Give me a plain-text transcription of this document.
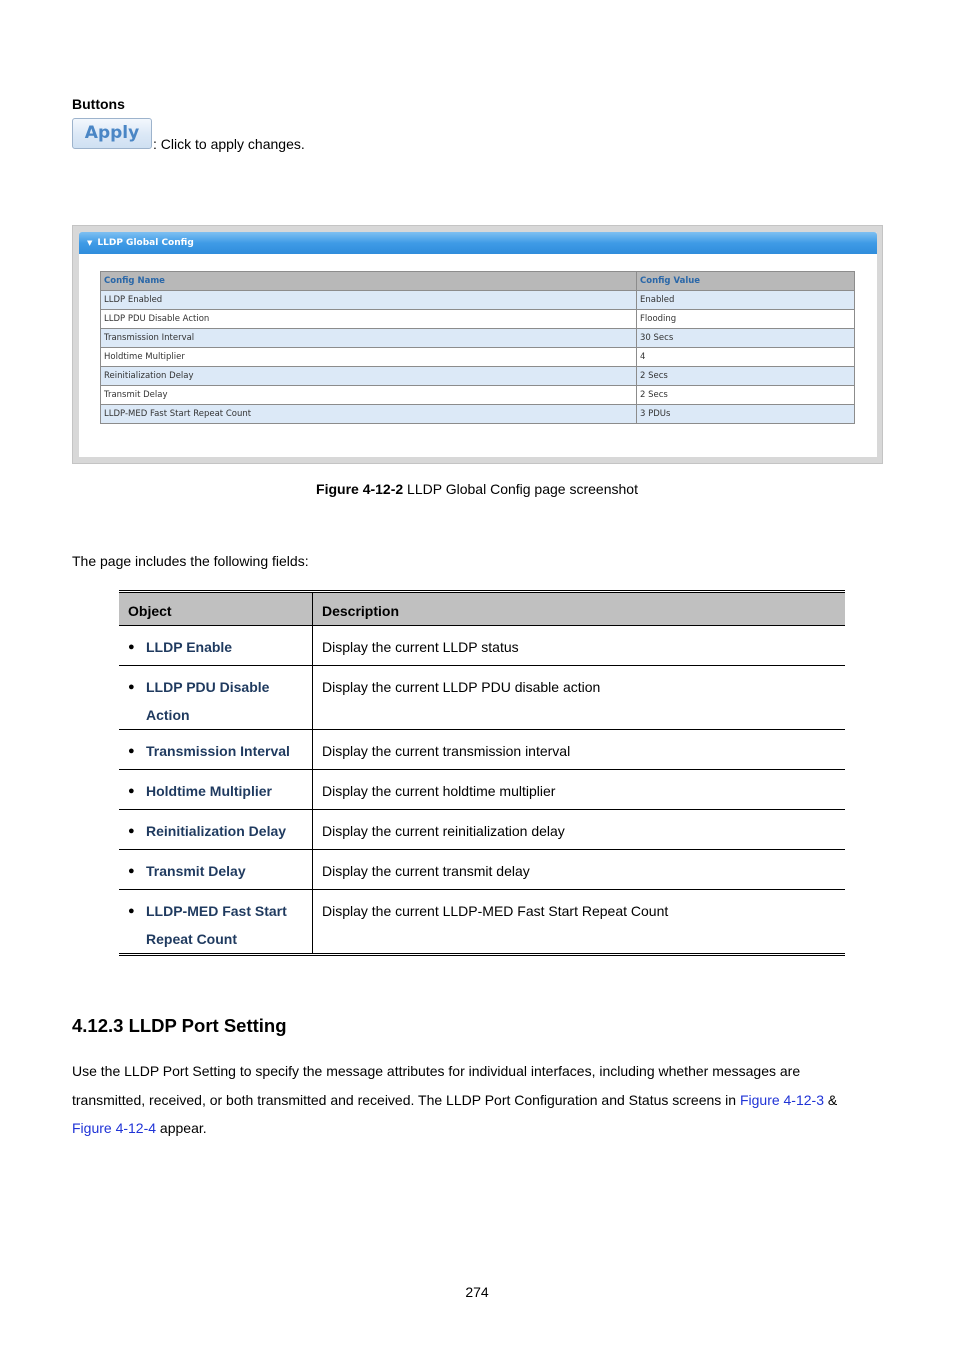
Buttons
Apply
: Click to apply changes.
▼ LLDP Global Config
Config Name	Config Value
LLDP Enabled	Enabled
LLDP PDU Disable Action	Flooding
Transmission Interval	30 Secs
Holdtime Multiplier	4
Reinitialization Delay	2 Secs
Transmit Delay	2 Secs
LLDP-MED Fast Start Repeat Count	3 PDUs
Figure 4-12-2 LLDP Global Config page screenshot
The page includes the following fields:
Object	Description
● LLDP Enable	Display the current LLDP status
● LLDP PDU Disable Action	Display the current LLDP PDU disable action
● Transmission Interval	Display the current transmission interval
● Holdtime Multiplier	Display the current holdtime multiplier
● Reinitialization Delay	Display the current reinitialization delay
● Transmit Delay	Display the current transmit delay
● LLDP-MED Fast Start Repeat Count	Display the current LLDP-MED Fast Start Repeat Count
4.12.3 LLDP Port Setting
Use the LLDP Port Setting to specify the message attributes for individual interfaces, including whether messages are transmitted, received, or both transmitted and received. The LLDP Port Configuration and Status screens in Figure 4-12-3 & Figure 4-12-4 appear.
274
